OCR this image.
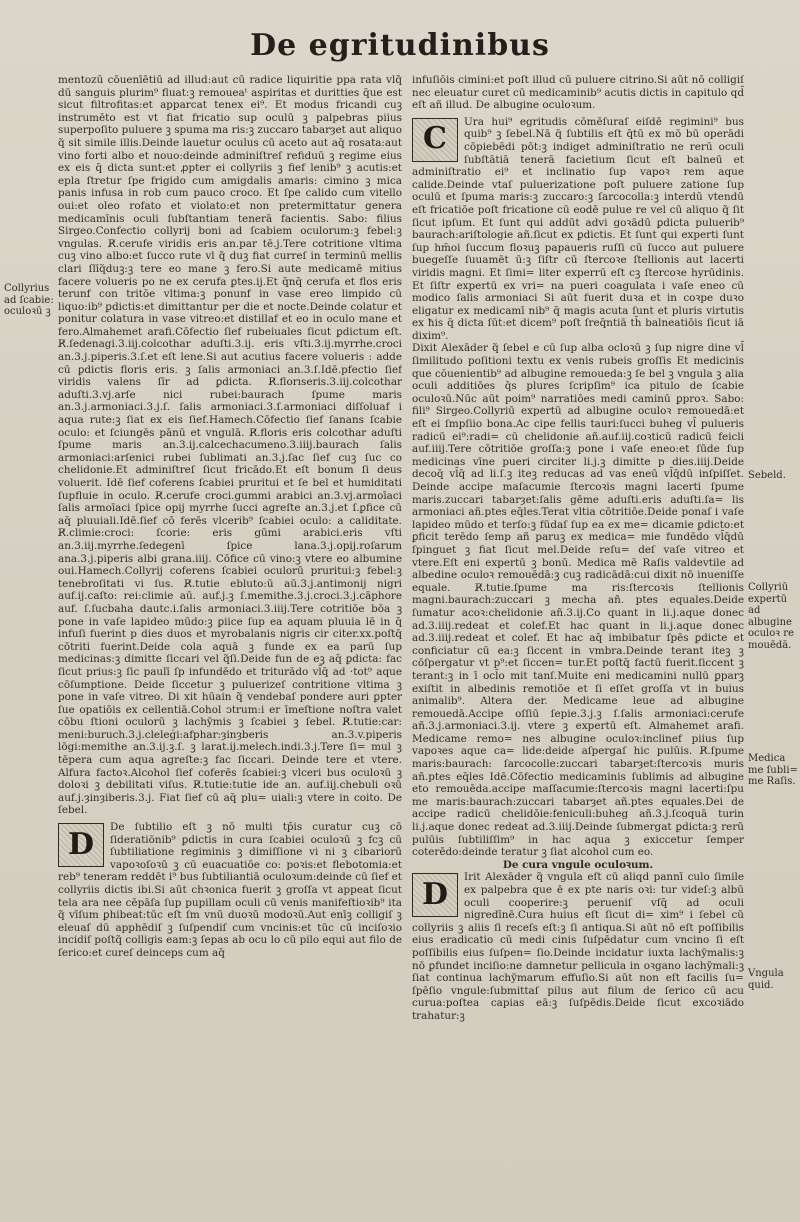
De egritudinibus

mentozū cōuenīētiū ad illud:aut cū radice liquiritie ppa rata vl̄q̃ dū sanguis plurim⁹ fluat:ꝫ remoueaᵗ aspiritas et duritties q̄ue est sicut filtrofitas:et apparcat tenex ei⁹. Et modus fricandi cuꝫ instrumēto est vt fiat fricatio sup oculū ꝫ palpebras piius superpoſito puluere ꝫ spuma ma ris:ꝫ zuccaro tabarȝet aut aliquo q̃ sit simile illis.Deinde lauetur oculus cū aceto aut aq̄ rosata:aut vino forti albo et nouo:deinde adminiſtreſ refiduū ꝫ regime eius ex eis q̄ dicta sunt:et ꝓpter ei collyriis ꝫ fief lenib⁹ ꝫ acutis:et epla ſtretur ſpe frigido cum amigdalis amaris: cimino ꝫ mica panis infusa in rob cum pauco croco. Et ſpe calido cum vitello oui:et oleo rofato et violato:et non pretermittatur genera medicamīnis oculi ſubſtantiam tenerā facientis. Sabo: filius Sirgeo.Confectio collyrij boni ad ſcabiem oculorum:ꝫ febel:ꝫ vngulas. R̸.cerufe viridis eris an.par tē.j.Tere cotritione vltima cuꝫ vino albo:et ſucco rute vl q̃ duꝫ fiat curreſ in terminū mellis clari ſlīq̃duꝫ:ꝫ tere eo mane ꝫ fero.Si aute medicamē mitius facere volueris po ne ex cerufa ꝑtes.ij.Et q̄nq̄ cerufa et flos eris terunf con tritōe vltima:ꝫ ponunf in vase ereo limpido cū liquo:ib⁹ ꝑdictis:et dimittantur per die et nocte.Deinde colatur et ponitur colatura in vase vitreo:et distillaf et eo in oculo mane et fero.Almahemet arafi.Cōfectio ſief rubeiuales ſicut ꝑdictum eſt. R̸.ſedenagi.3.iij.colcothar aduſti.3.ij. eris vſti.3.ij.myrrhe.croci an.3.j.piperis.3.ſ.et eſt lene.Si aut acutius facere volueris : adde cū ꝑdictis floris eris. ꝫ ſalis armoniaci an.3.ſ.Idē.pfectio ſief viridis valens ſīr ad ꝑdicta. R̸.florıseris.3.iij.colcothar aduſti.3.vj.arſe nici rubei:baurach ſpume maris an.3.j.armoniaci.3.j.ſ. ſalis armoniaci.3.ſ.armoniaci diſſoluaf i aqua rute:ꝫ ſiat ex eis ſief.Hamech.Cōfectio ſief ſanans ſcabie oculo: et ſciungēs pānū et vngulā. R̸.floris eris colcothar aduſti ſpume maris an.3.ij.calcechacumeno.3.iiij.baurach ſalis armoniaci:arſenici rubei ſublimati an.3.j.ſac ſief cuꝫ ſuc co chelidonie.Et adminiſtreſ ſicut fricādo.Et eſt bonum ſi deus voluerit. Idē ſief coferens ſcabiei pruritui et ſe bel et humiditati ſupfluie in oculo. R̸.cerufe croci.gummi arabici an.3.vj.armoīaci ſalis armoīaci ſpice opij myrrhe ſucci agreſte an.3.j.et ſ.ꝑfice cū aq̄ pluuiali.Idē.ſief cō ferēs vlcerib⁹ ſcabiei oculo: a caliditate. R̸.climie:croci: ſcorie: eris gūmi arabici.eris vſti an.3.iij.myrrhe.ſedegenī ſpice lana.3.j.opij.roſarum ana.3.j.piperis albi grana.iiij. Cōfice cū vino:ꝫ vtere eo albumine oui.Hamech.Collyrij coferens ſcabiei oculorū pruritui:ꝫ febel:ꝫ tenebroſitati vi ſus. R̸.tutie ebluto:ū aū.3.j.antimonij nigri auf.ij.caſto: rei:climie aū. auf.j.ꝫ ſ.memithe.3.j.croci.3.j.cāphore auf. ſ.ſucbaha dautc.i.ſalis armoniaci.3.iiij.Tere cotritiōe bōa ꝫ pone in vaſe lapideo mūdo:ꝫ ꝑiice ſup ea aquam pluuia lē in q̄ infuſi fuerint p dies duos et myrobalanis nigris cir citer.xx.poſtq̄ cōtriti fuerint.Deide cola aquā ꝫ funde ex ea parū ſup medicinas:ꝫ dimitte ſiccari vel q̃ſi.Deide fun de eꝫ aq̄ ꝑdicta: fac ſicut prius:ꝫ ſic paulī ſp infundēdo et triturādo vl̄q̄ ad ·tot⁹ aque cōſumptione. Deide ſiccetur ꝫ puluerizeſ contritione vltima ꝫ pone in vaſe vitreo. Di xit hūain q̃ vendebaſ pondere auri ꝑpter ſue opatiōis ex cellentiā.Cohol ↄtrum:i er īmeſtione noſtra valet cōbu ſtioni oculorū ꝫ lachȳmis ꝫ ſcabiei ꝫ ſebel. R̸.tutie:car: meni:buruch.3.j.cleleǵi:afphar:ȝinȝberis an.3.v.piperis lōgi:memithe an.3.ij.ꝫ.ſ. ꝫ larat.ij.melech.indi.3.j.Tere ſi= mul ꝫ tēpera cum aqua agreſte:ꝫ fac ſiccari. Deinde tere et vtere. Alfura factoꝛ.Alcohol ſief coferēs ſcabiei:ꝫ vlceri bus oculoꝛū ꝫ doloꝛi ꝫ debilitati viſus. R̸.tutie:tutie ide an. auf.iij.chebuli oꝛū auf.j.ȝinȝiberis.3.j. Fiat ſief cū aq̄ plu= uiali:ꝫ vtere in coito. De ſebel.

D	De ſubtilio eſt ꝫ nō multi tp̄is curatur cuꝫ cō ſideratiōnib⁹ ꝑdictis in cura ſcabiei oculoꝛū ꝫ fcꝫ cū ſubtiliatione regiminis ꝫ dimiſſione vi ni ꝫ cibariorū vapoꝛoſoꝛū ꝫ cū euacuatiōe co: poꝛis:et flebotomia:et reb⁹ teneram reddēt i⁹ bus ſubtiliantiā oculoꝛum:deinde cū ſief et collyriis dictis ibi.Si aūt chꝛonica fuerit ꝫ groſſa vt appeat ſicut tela ara nee cēpāſa ſup pupillam oculi cū venis manifeſtioꝛib⁹ ita q̃ vīſum ꝑhibeat:tūc eſt ſm vnū duoꝛū modoꝛū.Aut enīꝫ colligiſ ꝫ eleuaſ dū apphēdiſ ꝫ ſuſpendiſ cum vncinis:et tūc cū inciſoꝛio incidiſ poſtq̃ colligis eam:ꝫ ſepas ab ocu lo cū pilo equi aut filo de ſerico:et cureſ deinceps cum aq̄

infuſiōis cimini:et poſt illud cū puluere citrino.Si aūt nō colligiſ nec eleuatur curet cū medicaminib⁹ acutis dictis in capitulo qd̄ eſt añ illud. De albugine oculoꝛum.

C	Ura hui⁹ egritudis cōmēſuraſ eiſdē regimini⁹ bus quib⁹ ꝫ ſebel.Nā q̄ ſubtilis eſt q̄tū ex mō bū operādi cōpiebēdi pōt:ꝫ indiget adminiſtratio ne rerū oculi ſubſtātiā tenerā facietium ſicut eſt balneū et adminiſtratio ei⁹ et inclinatio ſup vapoꝛ rem aque calide.Deinde vtaſ puluerizatione poſt puluere zatione ſup oculū et ſpuma maris:ꝫ zuccaro:ꝫ ſarcocolla:ꝫ interdū vtendū eſt fricatiōe poſt fricatione cū eodē pulue re vel cū aliquo q̃ ſit ſicut ipſum. Et ſunt qui addūt advi goꝛādū ꝑdicta puluerib⁹ baurach:ariſtologie añ.ſicut ex ꝑdictis. Et ſunt qui experti ſunt ſup hm̄oi ſuccum floꝛuꝫ papaueris ruſſi cū ſucco aut puluere buegeſſe ſuuamēt ū:ꝫ ſiſtr cū ſtercoꝛe ſtellionis aut lacerti viridis magni. Et ſimi= liter experrū eſt cꝫ ſtercoꝛe hyrūdinis. Et ſiſtr expertū ex vri= na pueri coagulata i vaſe eneo cū modico ſalis armoniaci Si aūt fuerit duꝛa et in coꝛpe duꝛo eligatur ex medicamī nib⁹ q̄ magis acuta ſunt et pluris virtutis ex ħis q̄ dicta ſūt:et dicem⁹ poſt ſreq̄ntiā th̄ balneatiōis ſicut iā dixim⁹.

Dixit Alexāder q̃ ſebel e cū ſup alba ocloꝛū ꝫ ſup nigre dine vl̄ ſimilitudo poſitioni textu ex venis rubeis groſſis Et medicinis que cōuenientib⁹ ad albugine remoueda:ꝫ ſe bel ꝫ vngula ꝫ alia oculi additiōes q̄s plures ſcripſim⁹ ica pitulo de ſcabie oculoꝛū.Nūc aūt poim⁹ narratiōes medi caminū ꝑproꝛ. Sabo: fili⁹ Sirgeo.Collyriū expertū ad albugine oculoꝛ remouedā:et eſt ei ſmpſiio bona.Ac cipe fellis tauri:ſucci buheg vl̄ pulueris radicū ei⁹:radi= cū chelidonie añ.auf.iij.coꝛticū radicū feicli auf.iiij.Tere cōtritiōe groſſa:ꝫ pone i vaſe eneo:et ſūde ſup medicinas vīne pueri circiter li.j.ꝫ dimitte p dies.iiij.Deide decoq̄ vl̄q̄ ad li.ſ.ꝫ iteꝫ reducas ad vas eneū vl̄q̄dū inſpiſſet. Deinde accipe maſacumie ſtercoꝛis magni lacerti ſpume maris.zuccari tabarȝet:ſalis gēme aduſti.eris aduſti.ſa= lis armoniaci añ.ptes eq̄les.Terat vltia cōtritiōe.Deide ponaſ i vaſe lapideo mūdo et terſo:ꝫ fūdaſ ſup ea ex me= dicamie ꝑdicto:et ꝑficit terēdo ſemp añ paruꝫ ex medica= mie fundēdo vl̄q̄dū ſpinguet ꝫ fiat ſicut mel.Deide reſu= deſ vaſe vitreo et vtere.Eſt eni expertū ꝫ bonū. Medica mē Raſis valdevtile ad albedine oculoꝛ remouēdā:ꝫ cuꝫ radicādā:cui dixit nō inueniſſe equale. R̸.tutie.ſpume ma ris:ſtercoꝛis ſtellionis magni.baurach:zuccari ꝫ mecha añ. ptes equales.Deide ſumatur acoꝛ:chelidonie añ.3.ij.Co quant in li.j.aque donec ad.3.iiij.redeat et colef.Et hac quant in li.j.aque donec ad.3.iiij.redeat et colef. Et hac aq̄ imbibatur ſpēs ꝑdicte et conficiatur cū ea:ꝫ ſiccent in vmbra.Deinde terant iteꝫ ꝫ cōſpergatur vt p⁹:et ſiccen= tur.Et poſtq̄ factū fuerit.ſiccent ꝫ terant:ꝫ in ī ocl̄o mit tanſ.Muite eni medicamini nullū ꝑparꝫ exiſtit in albedinis remotiōe et ſi eſſet groſſa vt in buius animalib⁹. Altera der. Medicame leue ad albugine remouedā.Accipe oſſiū ſepie.3.j.ꝫ ſ.ſalis armoniaci:cerufe añ.3.j.armoniaci.3.ij. vtere ꝫ expertū eſt. Almahemet arafi. Medicame remo= nes albugine oculoꝛ:inclinef piius ſup vapoꝛes aque ca= lide:deide aſpergaſ hic pulūis. R̸.ſpume maris:baurach: ſarcocolle:zuccari tabarȝet:ſtercoꝛis muris añ.ptes eq̄les Idē.Cōfectio medicaminis ſublimis ad albugine eto remouēda.accipe maſſacumie:ſtercoꝛis magni lacerti:ſpu me maris:baurach:zuccari tabarȝet añ.ptes equales.Dei de accipe radicū chelidōie:feniculi:buheg añ.3.j.ſcoquā turin li.j.aque donec redeat ad.3.iiij.Deinde ſubmergat ꝑdicta:ꝫ rerū pulūis ſubtiliſſim⁹ in hac aqua ꝫ exiccetur ſemper coterēdo:deinde teratur ꝫ ſiat alcohol cum eo.

De cura vngule oculoꝛum.

D	Irit Alexāder q̃ vngula eſt cū aliqd pannī culo ſimile ex palpebra que ē ex pte naris oꝛi: tur videſ:ꝫ albū oculi cooperire:ꝫ perueniſ vſq̄ ad oculi nigredīnē.Cura huius eſt ſicut di= xim⁹ i ſebel cū collyriis ꝫ aliis ſi receſs eſt:ꝫ ſi antiqua.Si aūt nō eſt poſſibilis eius eradicatio cū medi cinis ſuſpēdatur cum vncino ſi eſt poſſibilis eius ſuſpen= ſio.Deinde incidatur iuxta lachȳmalis:ꝫ nō ꝑfundet inciſio:ne damnetur pellicula in oꝛgano lachȳmali:ꝫ ſiat continua lachȳmarum effuſio.Si aūt non eſt facilis ſu= ſpēſio vngule:ſubmittaſ pilus aut filum de ſerico cū acu curua:poſtea capias eā:ꝫ ſuſpēdis.Deide ſicut excoꝛiādo trahatur:ꝫ

Collyrius ad ſcabie: oculoꝛū ꝫ
Sebeld.
Collyriū expertū ad albugine oculoꝛ re mouēdā.
Medica me ſubli= me Raſis.
Vngula quid.
